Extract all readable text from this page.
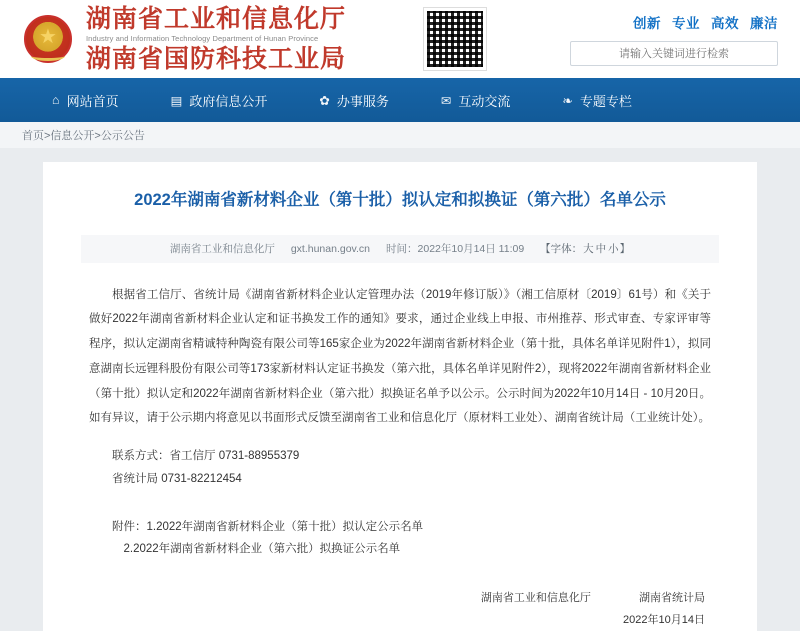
★
湖南省工业和信息化厅
Industry and Information Technology Department of Hunan Province
湖南省国防科技工业局
创新 专业 高效 廉洁
请输入关键词进行检索
⌂ 网站首页	▤ 政府信息公开	✿ 办事服务	✉ 互动交流	❧ 专题专栏
首页>信息公开>公示公告
2022年湖南省新材料企业（第十批）拟认定和拟换证（第六批）名单公示
湖南省工业和信息化厅 gxt.hunan.gov.cn 时间：2022年10月14日 11:09 【字体：大 中 小】

根据省工信厅、省统计局《湖南省新材料企业认定管理办法（2019年修订版）》（湘工信原材〔2019〕61号）和《关于做好2022年湖南省新材料企业认定和证书换发工作的通知》要求，通过企业线上申报、市州推荐、形式审查、专家评审等程序，拟认定湖南省精诚特种陶瓷有限公司等165家企业为2022年湖南省新材料企业（第十批，具体名单详见附件1），拟同意湖南长远锂科股份有限公司等173家新材料认定证书换发（第六批，具体名单详见附件2），现将2022年湖南省新材料企业（第十批）拟认定和2022年湖南省新材料企业（第六批）拟换证名单予以公示。公示时间为2022年10月14日 - 10月20日。如有异议，请于公示期内将意见以书面形式反馈至湖南省工业和信息化厅（原材料工业处）、湖南省统计局（工业统计处）。

联系方式：省工信厅 0731-88955379

省统计局 0731-82212454

附件：1.2022年湖南省新材料企业（第十批）拟认定公示名单

2.2022年湖南省新材料企业（第六批）拟换证公示名单

湖南省工业和信息化厅	湖南省统计局
2022年10月14日
